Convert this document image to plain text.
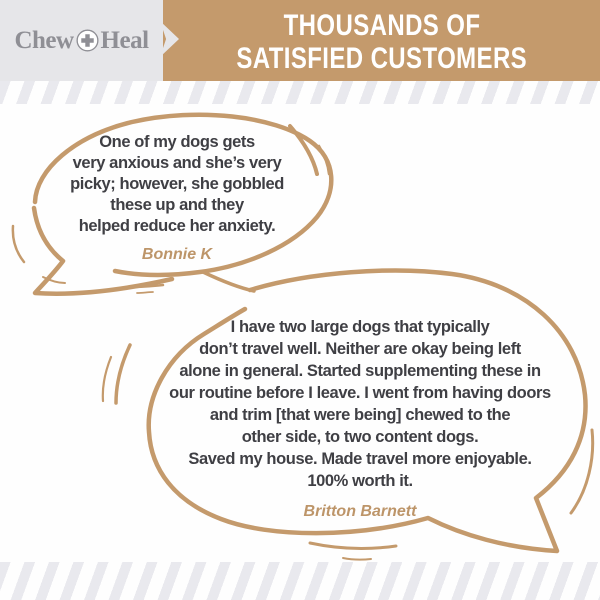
Chew Heal	THOUSANDS OF
SATISFIED CUSTOMERS
One of my dogs gets
very anxious and she’s very
picky; however, she gobbled
these up and they
helped reduce her anxiety.
Bonnie K
I have two large dogs that typically
don’t travel well. Neither are okay being left
alone in general. Started supplementing these in
our routine before I leave. I went from having doors
and trim [that were being] chewed to the
other side, to two content dogs.
Saved my house. Made travel more enjoyable.
100% worth it.
Britton Barnett
